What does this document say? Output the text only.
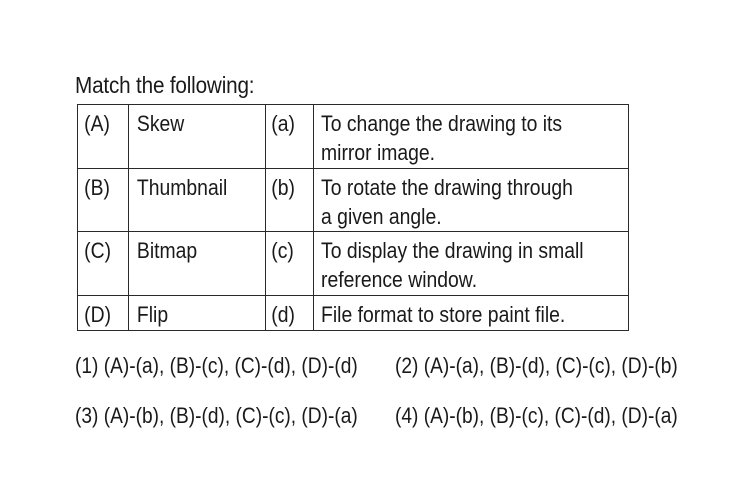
Match the following:
(A)	Skew	(a)	To change the drawing to its
mirror image.

(B)	Thumbnail	(b)	To rotate the drawing through
a given angle.

(C)	Bitmap	(c)	To display the drawing in small
reference window.

(D)	Flip	(d)	File format to store paint file.
(1) (A)-(a), (B)-(c), (C)-(d), (D)-(d) (2) (A)-(a), (B)-(d), (C)-(c), (D)-(b)
(3) (A)-(b), (B)-(d), (C)-(c), (D)-(a) (4) (A)-(b), (B)-(c), (C)-(d), (D)-(a)
